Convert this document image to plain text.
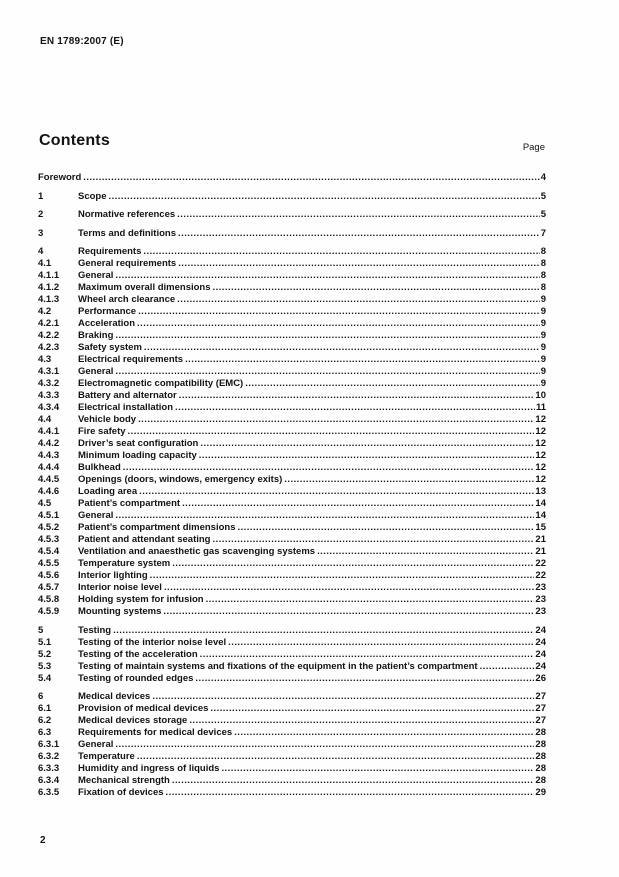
EN 1789:2007 (E)
Contents	Page
Foreword .....	4
1	Scope .....	5
2	Normative references .....	5
3	Terms and definitions .....	7
4	Requirements .....	8
4.1	General requirements .....	8
4.1.1	General .....	8
4.1.2	Maximum overall dimensions .....	8
4.1.3	Wheel arch clearance .....	9
4.2	Performance .....	9
4.2.1	Acceleration .....	9
4.2.2	Braking .....	9
4.2.3	Safety system .....	9
4.3	Electrical requirements .....	9
4.3.1	General .....	9
4.3.2	Electromagnetic compatibility (EMC) .....	9
4.3.3	Battery and alternator .....	10
4.3.4	Electrical installation .....	11
4.4	Vehicle body .....	12
4.4.1	Fire safety .....	12
4.4.2	Driver’s seat configuration .....	12
4.4.3	Minimum loading capacity .....	12
4.4.4	Bulkhead .....	12
4.4.5	Openings (doors, windows, emergency exits) .....	12
4.4.6	Loading area .....	13
4.5	Patient’s compartment .....	14
4.5.1	General .....	14
4.5.2	Patient’s compartment dimensions .....	15
4.5.3	Patient and attendant seating .....	21
4.5.4	Ventilation and anaesthetic gas scavenging systems .....	21
4.5.5	Temperature system .....	22
4.5.6	Interior lighting .....	22
4.5.7	Interior noise level .....	23
4.5.8	Holding system for infusion .....	23
4.5.9	Mounting systems .....	23
5	Testing .....	24
5.1	Testing of the interior noise level .....	24
5.2	Testing of the acceleration .....	24
5.3	Testing of maintain systems and fixations of the equipment in the patient’s compartment .....	24
5.4	Testing of rounded edges .....	26
6	Medical devices .....	27
6.1	Provision of medical devices .....	27
6.2	Medical devices storage .....	27
6.3	Requirements for medical devices .....	28
6.3.1	General .....	28
6.3.2	Temperature .....	28
6.3.3	Humidity and ingress of liquids .....	28
6.3.4	Mechanical strength .....	28
6.3.5	Fixation of devices .....	29
2
